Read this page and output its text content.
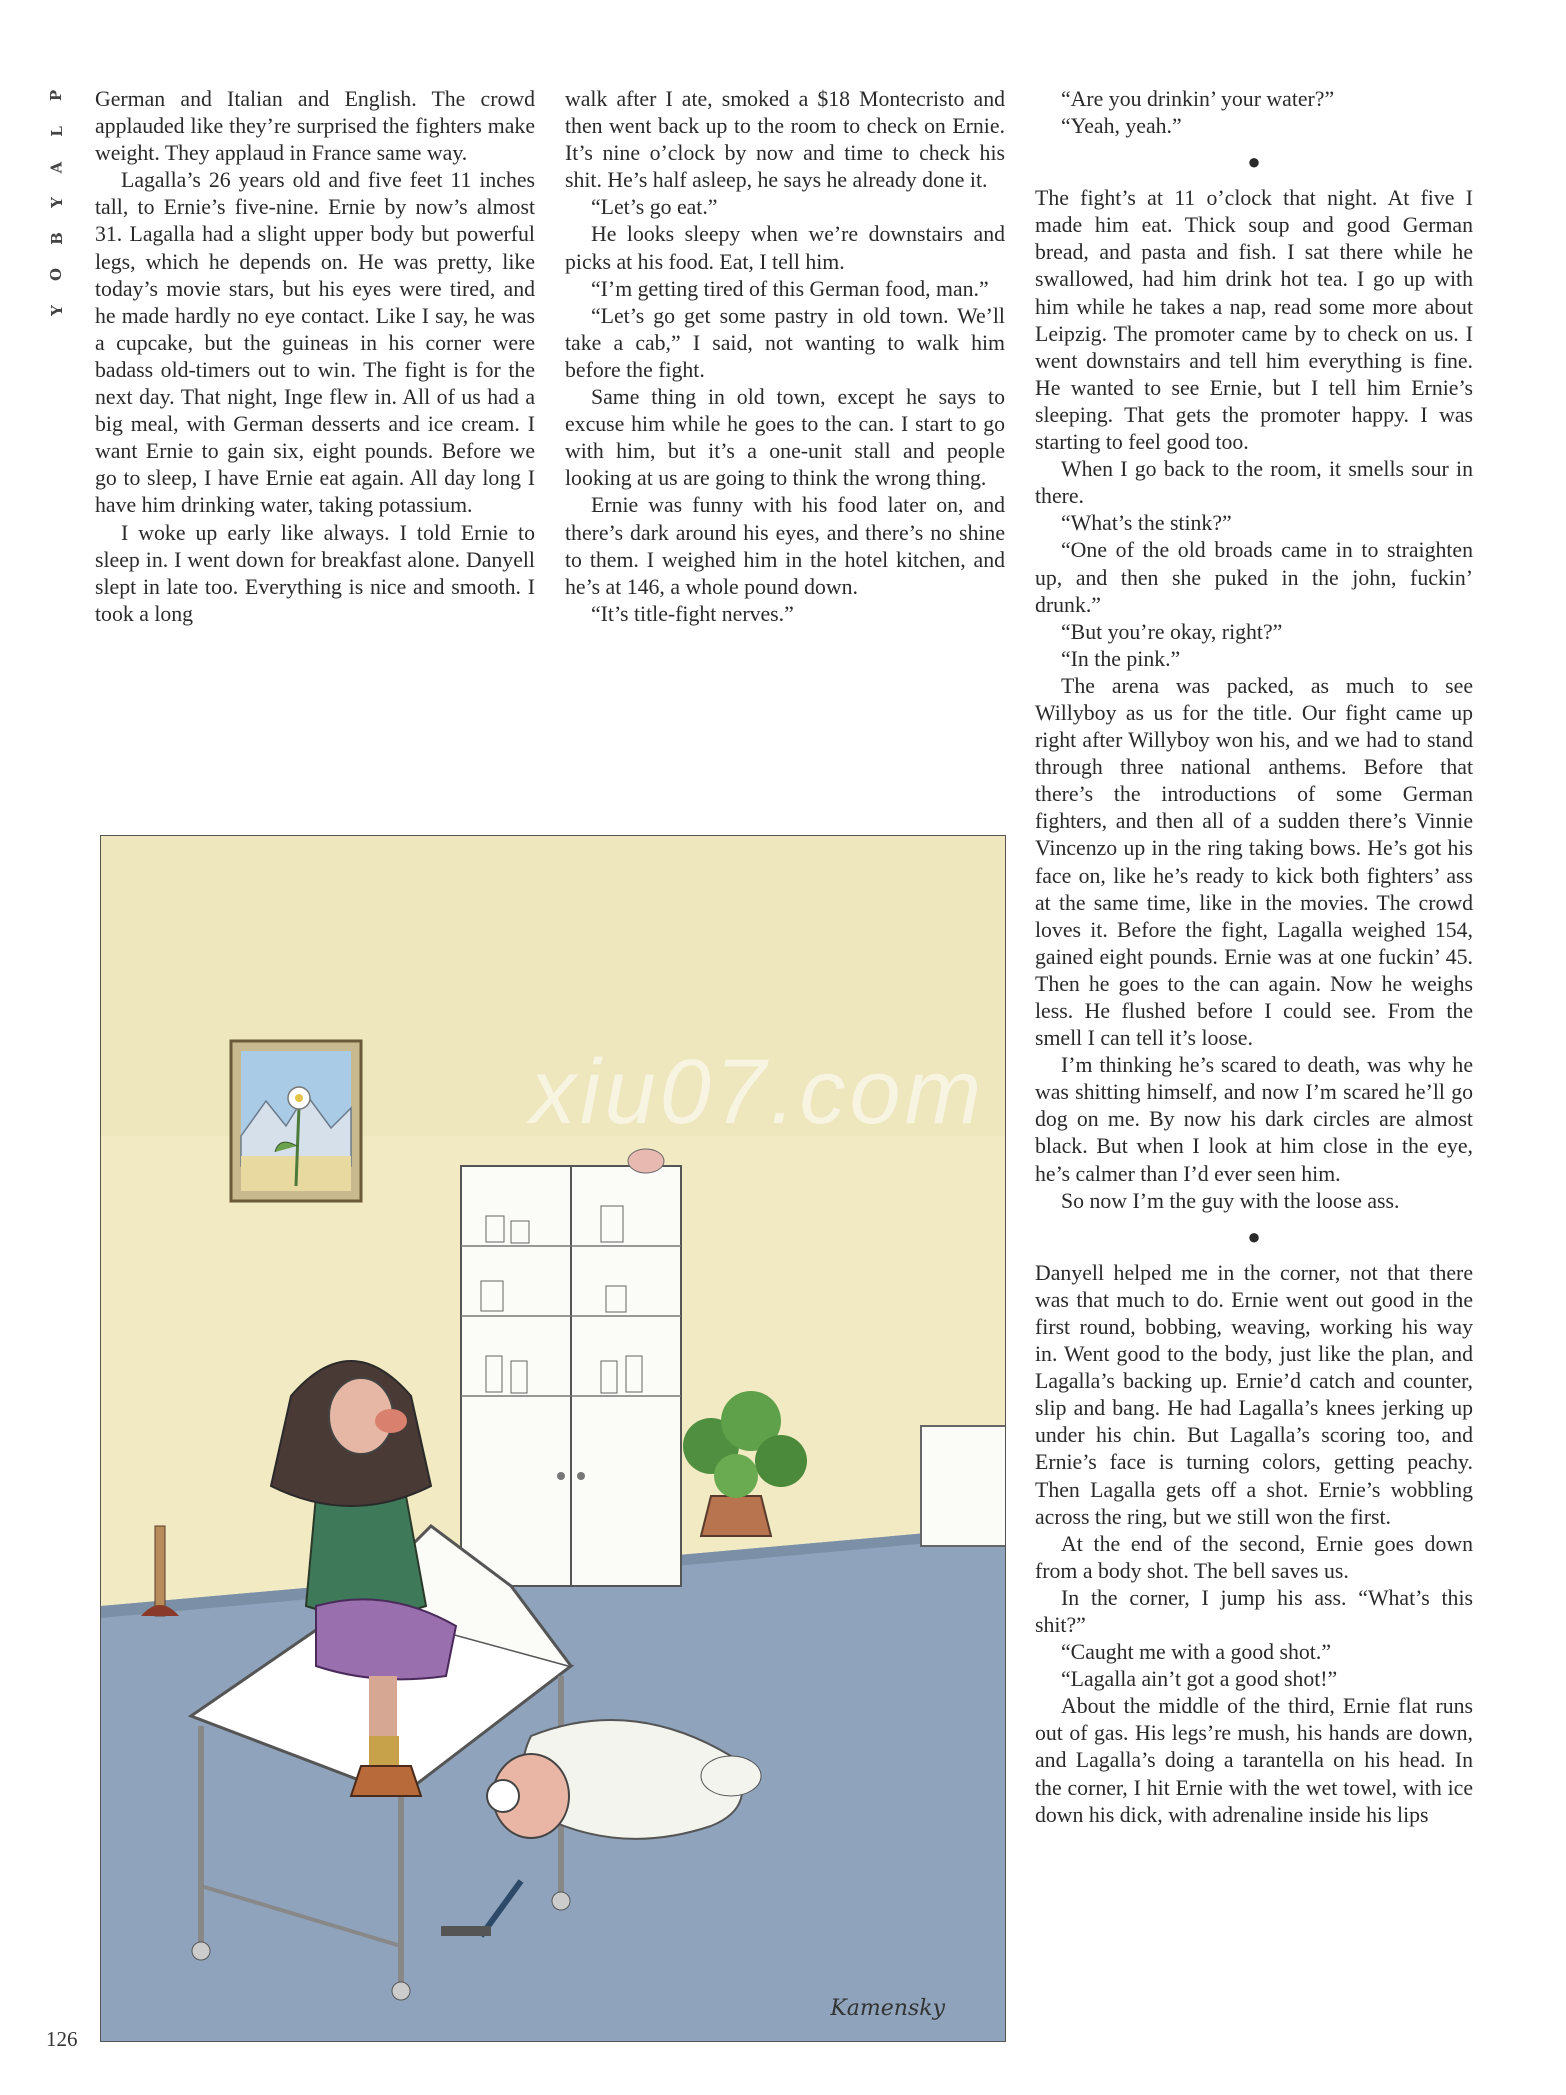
P
L
A
Y
B
O
Y

German and Italian and English. The crowd applauded like they’re surprised the fighters make weight. They applaud in France same way.

Lagalla’s 26 years old and five feet 11 inches tall, to Ernie’s five-nine. Ernie by now’s almost 31. Lagalla had a slight upper body but powerful legs, which he depends on. He was pretty, like today’s movie stars, but his eyes were tired, and he made hardly no eye contact. Like I say, he was a cupcake, but the guineas in his corner were badass old-timers out to win. The fight is for the next day. That night, Inge flew in. All of us had a big meal, with German desserts and ice cream. I want Ernie to gain six, eight pounds. Before we go to sleep, I have Ernie eat again. All day long I have him drinking water, taking potassium.

I woke up early like always. I told Ernie to sleep in. I went down for breakfast alone. Danyell slept in late too. Everything is nice and smooth. I took a long

walk after I ate, smoked a $18 Montecristo and then went back up to the room to check on Ernie. It’s nine o’clock by now and time to check his shit. He’s half asleep, he says he already done it.

“Let’s go eat.”

He looks sleepy when we’re downstairs and picks at his food. Eat, I tell him.

“I’m getting tired of this German food, man.”

“Let’s go get some pastry in old town. We’ll take a cab,” I said, not wanting to walk him before the fight.

Same thing in old town, except he says to excuse him while he goes to the can. I start to go with him, but it’s a one-unit stall and people looking at us are going to think the wrong thing.

Ernie was funny with his food later on, and there’s dark around his eyes, and there’s no shine to them. I weighed him in the hotel kitchen, and he’s at 146, a whole pound down.

“It’s title-fight nerves.”

“Are you drinkin’ your water?”

“Yeah, yeah.”

●

The fight’s at 11 o’clock that night. At five I made him eat. Thick soup and good German bread, and pasta and fish. I sat there while he swallowed, had him drink hot tea. I go up with him while he takes a nap, read some more about Leipzig. The promoter came by to check on us. I went downstairs and tell him everything is fine. He wanted to see Ernie, but I tell him Ernie’s sleeping. That gets the promoter happy. I was starting to feel good too.

When I go back to the room, it smells sour in there.

“What’s the stink?”

“One of the old broads came in to straighten up, and then she puked in the john, fuckin’ drunk.”

“But you’re okay, right?”

“In the pink.”

The arena was packed, as much to see Willyboy as us for the title. Our fight came up right after Willyboy won his, and we had to stand through three national anthems. Before that there’s the introductions of some German fighters, and then all of a sudden there’s Vinnie Vincenzo up in the ring taking bows. He’s got his face on, like he’s ready to kick both fighters’ ass at the same time, like in the movies. The crowd loves it. Before the fight, Lagalla weighed 154, gained eight pounds. Ernie was at one fuckin’ 45. Then he goes to the can again. Now he weighs less. He flushed before I could see. From the smell I can tell it’s loose.

I’m thinking he’s scared to death, was why he was shitting himself, and now I’m scared he’ll go dog on me. By now his dark circles are almost black. But when I look at him close in the eye, he’s calmer than I’d ever seen him.

So now I’m the guy with the loose ass.

●

Danyell helped me in the corner, not that there was that much to do. Ernie went out good in the first round, bobbing, weaving, working his way in. Went good to the body, just like the plan, and Lagalla’s backing up. Ernie’d catch and counter, slip and bang. He had Lagalla’s knees jerking up under his chin. But Lagalla’s scoring too, and Ernie’s face is turning colors, getting peachy. Then Lagalla gets off a shot. Ernie’s wobbling across the ring, but we still won the first.

At the end of the second, Ernie goes down from a body shot. The bell saves us.

In the corner, I jump his ass. “What’s this shit?”

“Caught me with a good shot.”

“Lagalla ain’t got a good shot!”

About the middle of the third, Ernie flat runs out of gas. His legs’re mush, his hands are down, and Lagalla’s doing a tarantella on his head. In the corner, I hit Ernie with the wet towel, with ice down his dick, with adrenaline inside his lips

Kamensky
xiu07.com
126
